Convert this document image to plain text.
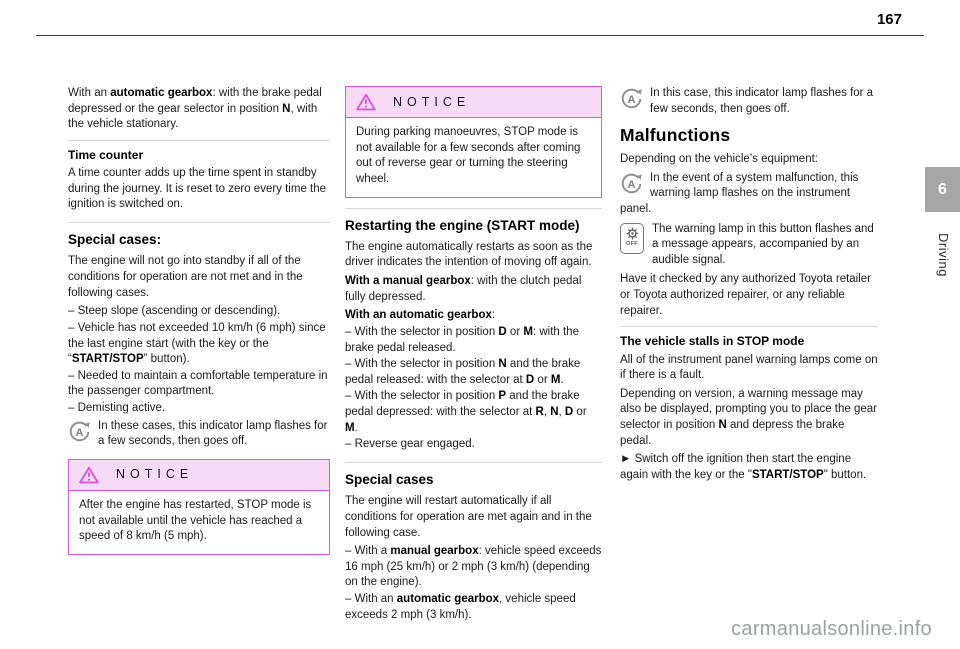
167

With an automatic gearbox: with the brake pedal depressed or the gear selector in position N, with the vehicle stationary.

Time counter

A time counter adds up the time spent in standby during the journey. It is reset to zero every time the ignition is switched on.

Special cases:

The engine will not go into standby if all of the conditions for operation are not met and in the following cases.

– Steep slope (ascending or descending).

– Vehicle has not exceeded 10 km/h (6 mph) since the last engine start (with the key or the “START/STOP” button).

– Needed to maintain a comfortable temperature in the passenger compartment.

– Demisting active.

A
In these cases, this indicator lamp flashes for a few seconds, then goes off.
NOTICE
After the engine has restarted, STOP mode is not available until the vehicle has reached a speed of 8 km/h (5 mph).
NOTICE
During parking manoeuvres, STOP mode is not available for a few seconds after coming out of reverse gear or turning the steering wheel.
Restarting the engine (START mode)

The engine automatically restarts as soon as the driver indicates the intention of moving off again.

With a manual gearbox: with the clutch pedal fully depressed.

With an automatic gearbox:

– With the selector in position D or M: with the brake pedal released.

– With the selector in position N and the brake pedal released: with the selector at D or M.

– With the selector in position P and the brake pedal depressed: with the selector at R, N, D or M.

– Reverse gear engaged.

Special cases

The engine will restart automatically if all conditions for operation are met again and in the following case.

– With a manual gearbox: vehicle speed exceeds 16 mph (25 km/h) or 2 mph (3 km/h) (depending on the engine).

– With an automatic gearbox, vehicle speed exceeds 2 mph (3 km/h).

A
In this case, this indicator lamp flashes for a few seconds, then goes off.
Malfunctions

Depending on the vehicle’s equipment:

A
In the event of a system malfunction, this warning lamp flashes on the instrument panel.
OFF
The warning lamp in this button flashes and a message appears, accompanied by an audible signal.

Have it checked by any authorized Toyota retailer or Toyota authorized repairer, or any reliable repairer.

The vehicle stalls in STOP mode

All of the instrument panel warning lamps come on if there is a fault.

Depending on version, a warning message may also be displayed, prompting you to place the gear selector in position N and depress the brake pedal.

► Switch off the ignition then start the engine again with the key or the "START/STOP" button.

6
Driving
carmanualsonline.info
